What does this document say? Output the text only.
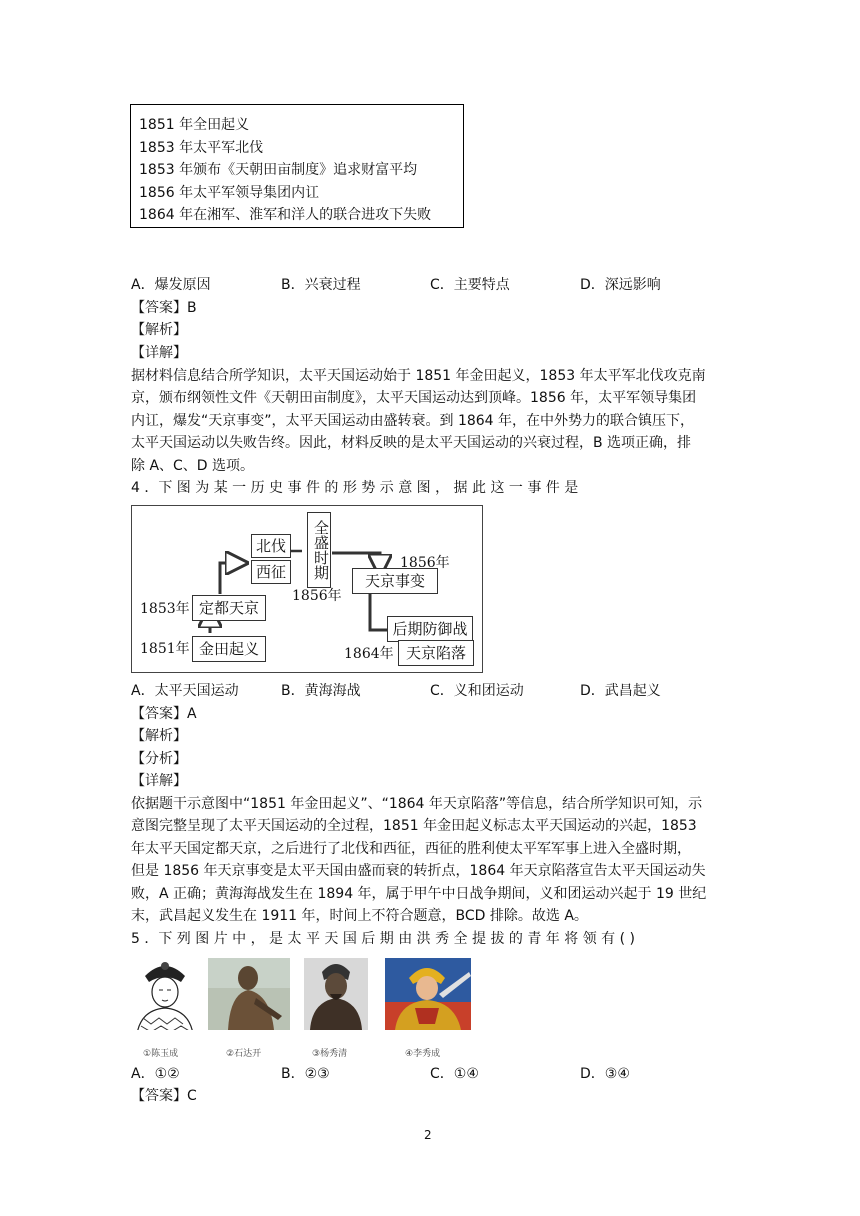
1851 年全田起义
1853 年太平军北伐
1853 年颁布《天朝田亩制度》追求财富平均
1856 年太平军领导集团内讧
1864 年在湘军、淮军和洋人的联合进攻下失败
A．爆发原因	B．兴衰过程	C．主要特点	D．深远影响
【答案】B
【解析】
【详解】
据材料信息结合所学知识，太平天国运动始于 1851 年金田起义，1853 年太平军北伐攻克南
京，颁布纲领性文件《天朝田亩制度》，太平天国运动达到顶峰。1856 年，太平军领导集团
内讧，爆发“天京事变”，太平天国运动由盛转衰。到 1864 年，在中外势力的联合镇压下，
太平天国运动以失败告终。因此，材料反映的是太平天国运动的兴衰过程，B 选项正确，排
除 A、C、D 选项。
4 ．下 图 为 某 一 历 史 事 件 的 形 势 示 意 图 ， 据 此 这 一 事 件 是
金田起义
定都天京
北伐
西征	全盛时期
天京事变
后期防御战
天京陷落
1851年
1853年
1856年
1856年
1864年
A．太平天国运动	B．黄海海战	C．义和团运动	D．武昌起义
【答案】A
【解析】
【分析】
【详解】
依据题干示意图中“1851 年金田起义”、“1864 年天京陷落”等信息，结合所学知识可知，示
意图完整呈现了太平天国运动的全过程，1851 年金田起义标志太平天国运动的兴起，1853
年太平天国定都天京，之后进行了北伐和西征，西征的胜利使太平军军事上进入全盛时期，
但是 1856 年天京事变是太平天国由盛而衰的转折点，1864 年天京陷落宣告太平天国运动失
败，A 正确；黄海海战发生在 1894 年，属于甲午中日战争期间，义和团运动兴起于 19 世纪
末，武昌起义发生在 1911 年，时间上不符合题意，BCD 排除。故选 A。
5 ．下 列 图 片 中 ， 是 太 平 天 国 后 期 由 洪 秀 全 提 拔 的 青 年 将 领 有 ( )
①陈玉成	②石达开	③杨秀清	④李秀成
A．①②	B．②③	C．①④	D．③④
【答案】C
2
